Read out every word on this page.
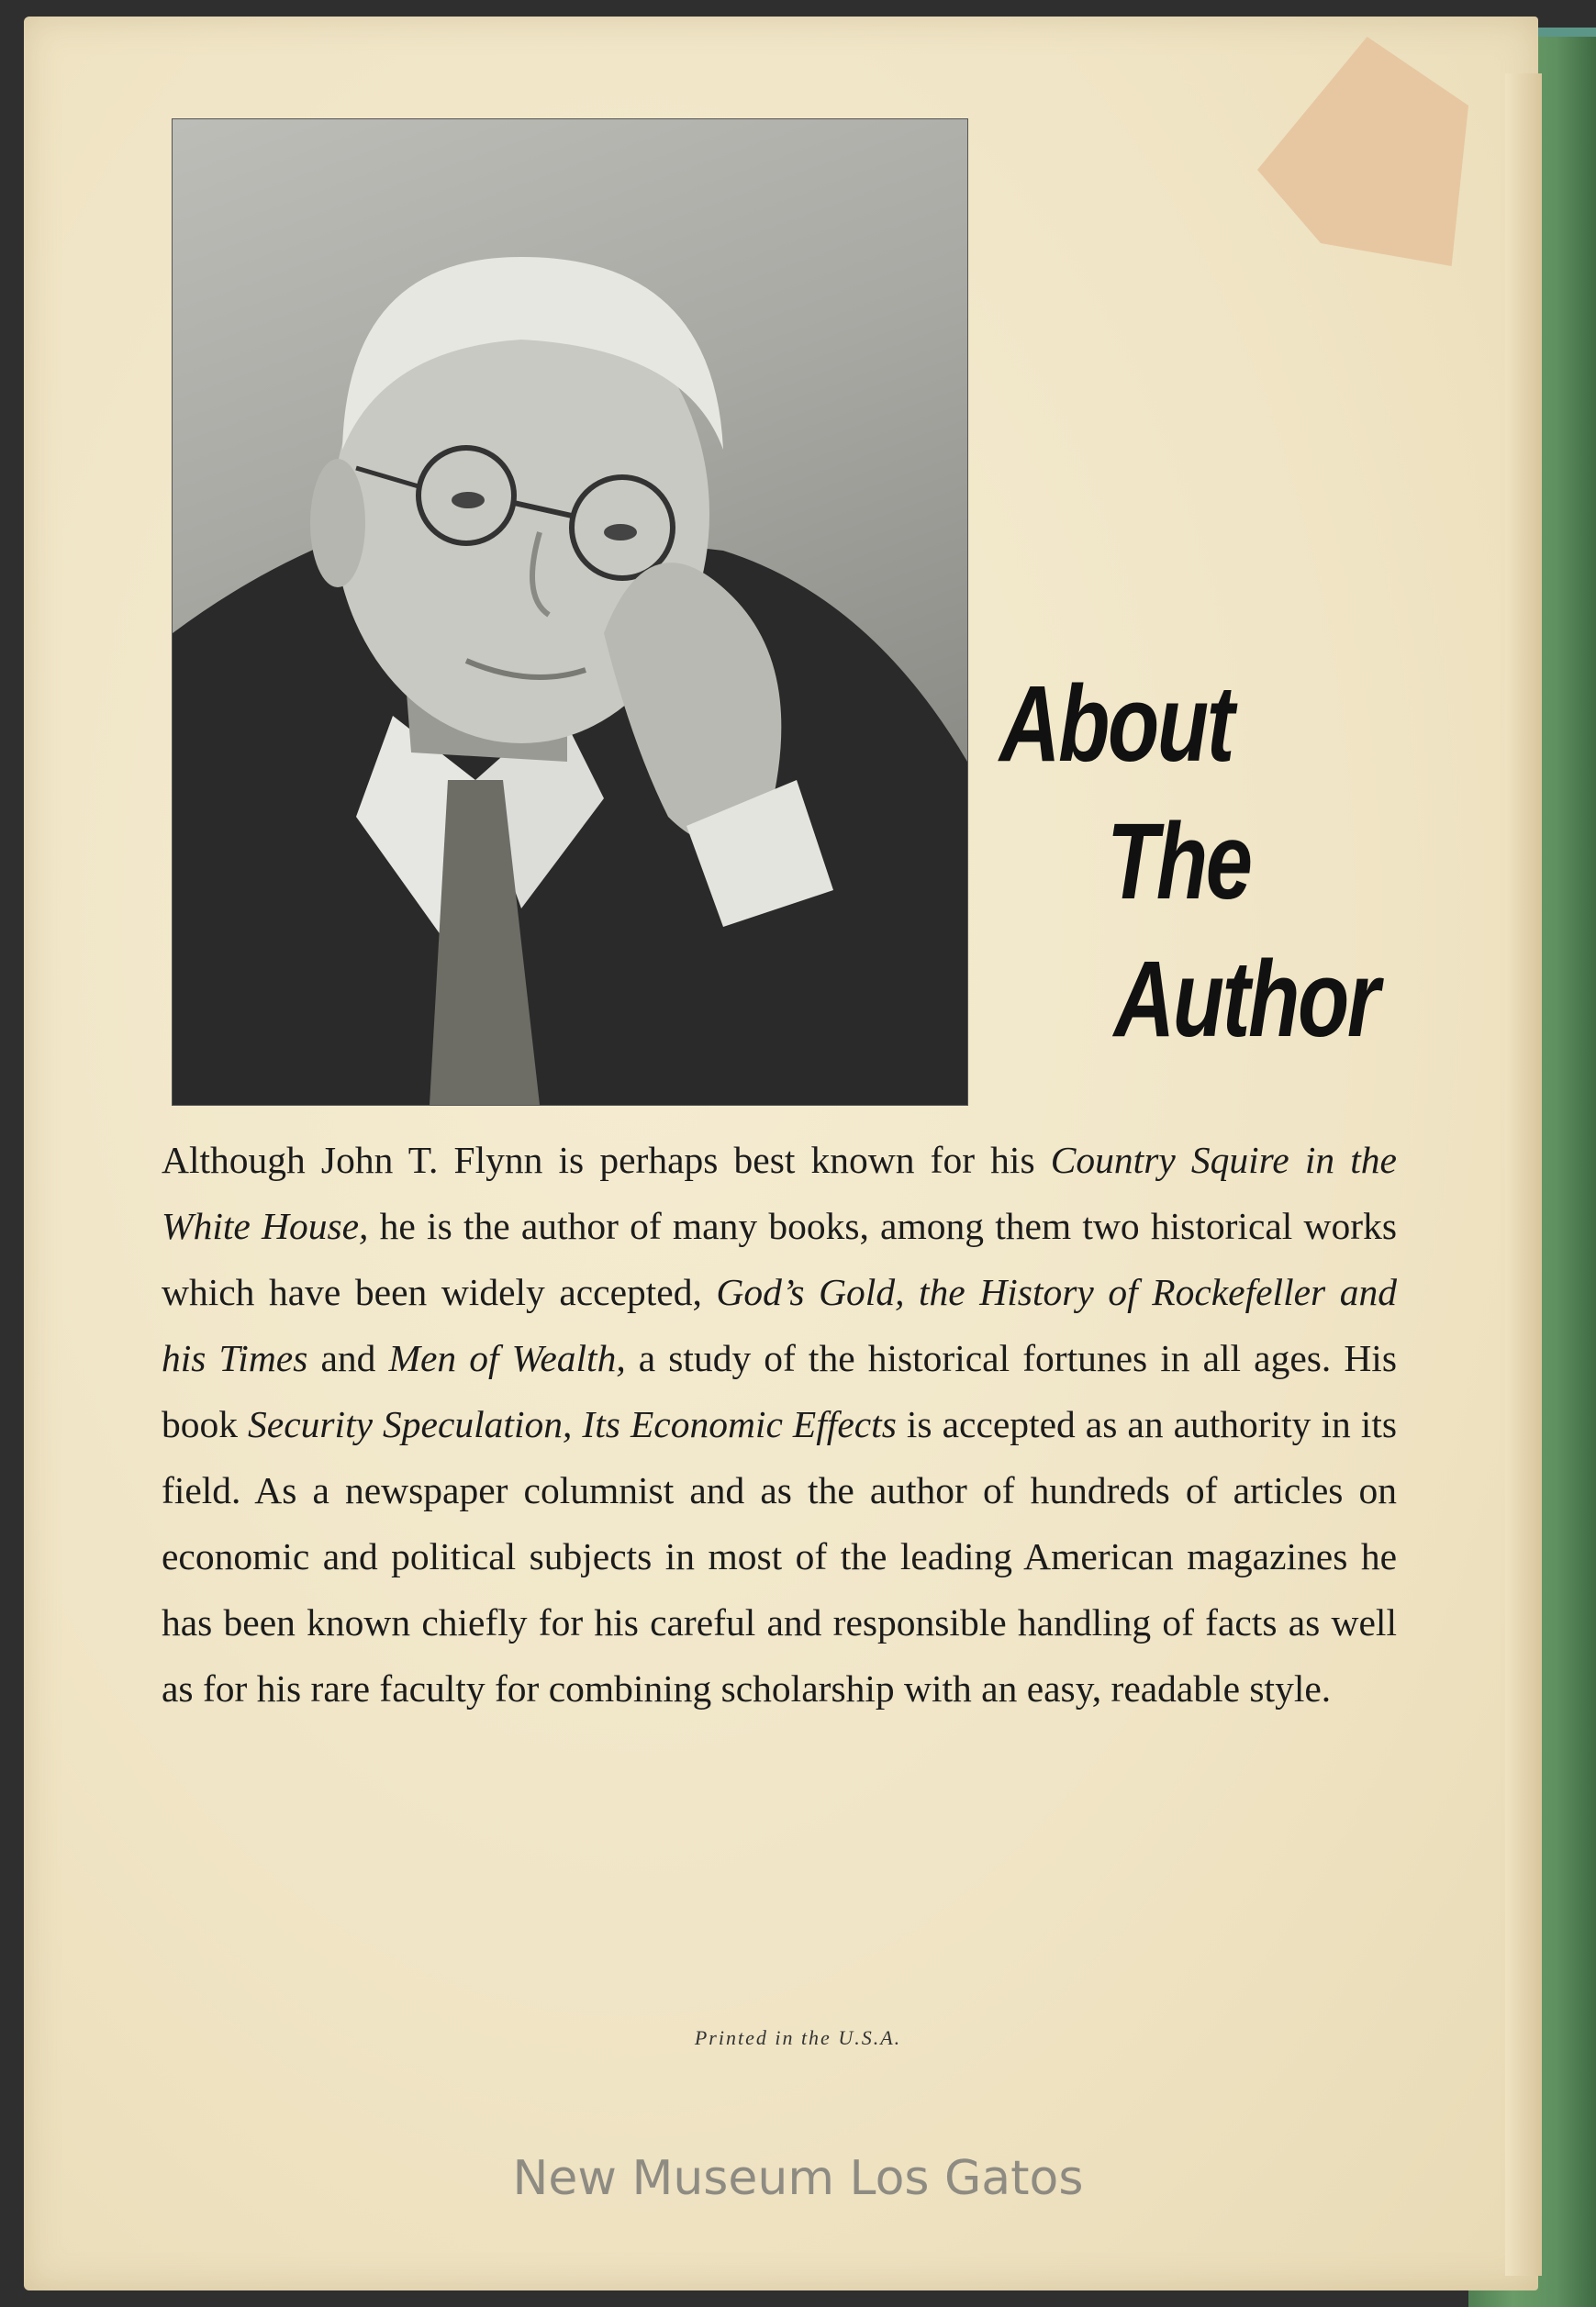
About
The
Author
Although John T. Flynn is perhaps best known for his Country Squire in the White House, he is the author of many books, among them two historical works which have been widely accepted, God’s Gold, the History of Rockefeller and his Times and Men of Wealth, a study of the historical fortunes in all ages. His book Security Speculation, Its Economic Effects is accepted as an authority in its field. As a newspaper columnist and as the author of hundreds of articles on economic and political subjects in most of the leading American magazines he has been known chiefly for his careful and responsible handling of facts as well as for his rare faculty for combining scholarship with an easy, readable style.
Printed in the U.S.A.
New Museum Los Gatos
